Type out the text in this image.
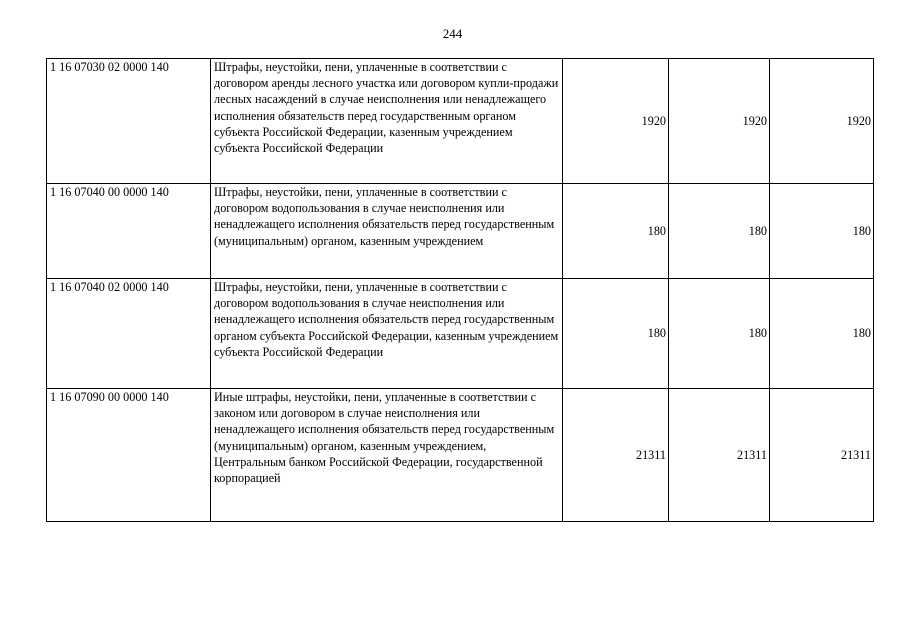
244
1 16 07030 02 0000 140	Штрафы, неустойки, пени, уплаченные в соответствии с договором аренды лесного участка или договором купли-продажи лесных насаждений в случае неисполнения или ненадлежащего исполнения обязательств перед государственным органом субъекта Российской Федерации, казенным учреждением субъекта Российской Федерации	1920	1920	1920
1 16 07040 00 0000 140	Штрафы, неустойки, пени, уплаченные в соответствии с договором водопользования в случае неисполнения или ненадлежащего исполнения обязательств перед государственным (муниципальным) органом, казенным учреждением	180	180	180
1 16 07040 02 0000 140	Штрафы, неустойки, пени, уплаченные в соответствии с договором водопользования в случае неисполнения или ненадлежащего исполнения обязательств перед государственным органом субъекта Российской Федерации, казенным учреждением субъекта Российской Федерации	180	180	180
1 16 07090 00 0000 140	Иные штрафы, неустойки, пени, уплаченные в соответствии с законом или договором в случае неисполнения или ненадлежащего исполнения обязательств перед государственным (муниципальным) органом, казенным учреждением, Центральным банком Российской Федерации, государственной корпорацией	21311	21311	21311
